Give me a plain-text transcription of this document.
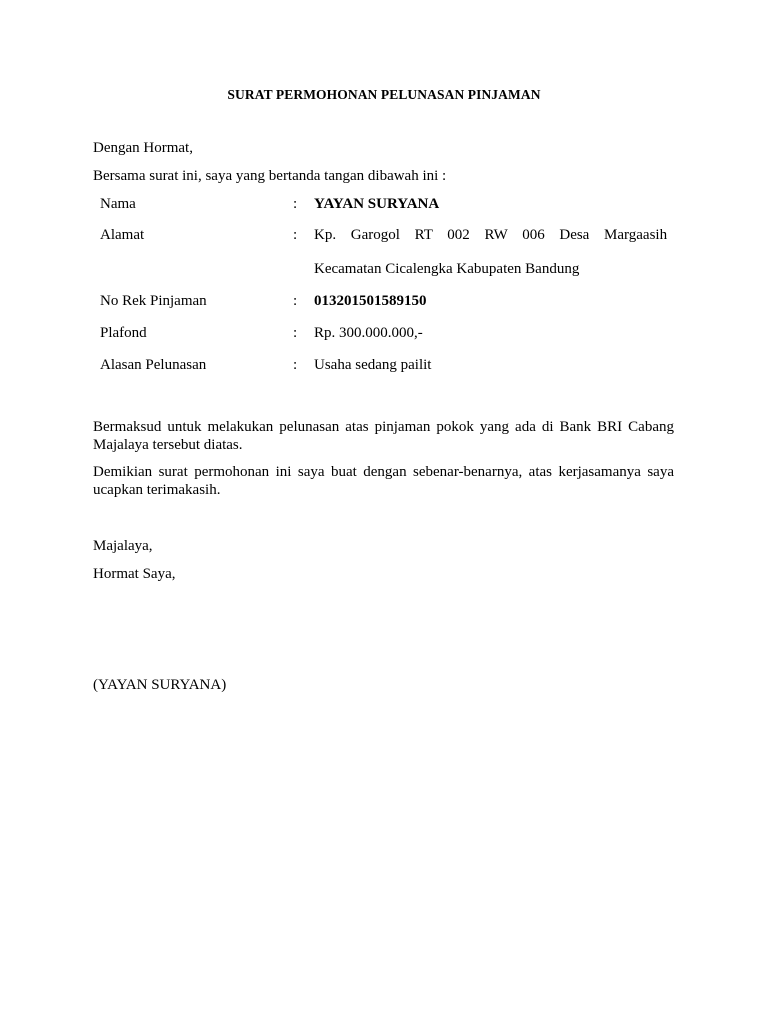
SURAT PERMOHONAN PELUNASAN PINJAMAN
Dengan Hormat,
Bersama surat ini, saya yang bertanda tangan dibawah ini :
Nama	: YAYAN SURYANA
Alamat	: Kp. Garogol RT 002 RW 006 Desa Margaasih
Kecamatan Cicalengka Kabupaten Bandung
No Rek Pinjaman	: 013201501589150
Plafond	: Rp. 300.000.000,-
Alasan Pelunasan	: Usaha sedang pailit
Bermaksud untuk melakukan pelunasan atas pinjaman pokok yang ada di Bank BRI Cabang Majalaya tersebut diatas.
Demikian surat permohonan ini saya buat dengan sebenar-benarnya, atas kerjasamanya saya ucapkan terimakasih.
Majalaya,
Hormat Saya,
(YAYAN SURYANA)
